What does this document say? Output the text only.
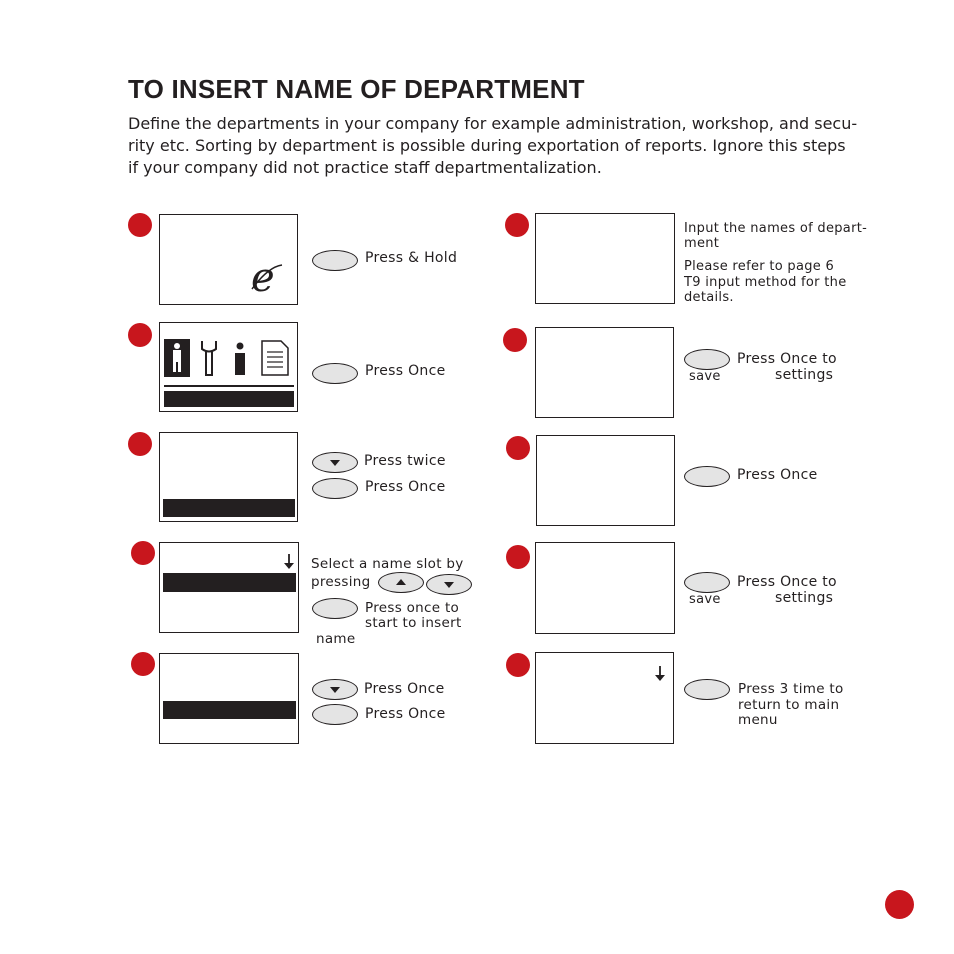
TO INSERT NAME OF DEPARTMENT

Define the departments in your company for example administration, workshop, and secu-
rity etc. Sorting by department is possible during exportation of reports. Ignore this steps
if your company did not practice staff departmentalization.

e	Press & Hold
Press Once
Press twice
Press Once
Select a name slot by
pressing
Press once to
start to insert
name
Press Once
Press Once
Input the names of depart-
ment
Please refer to page 6
T9 input method for the
details.
Press Once to
save	settings
Press Once
Press Once to
save	settings
Press 3 time to
return to main
menu
